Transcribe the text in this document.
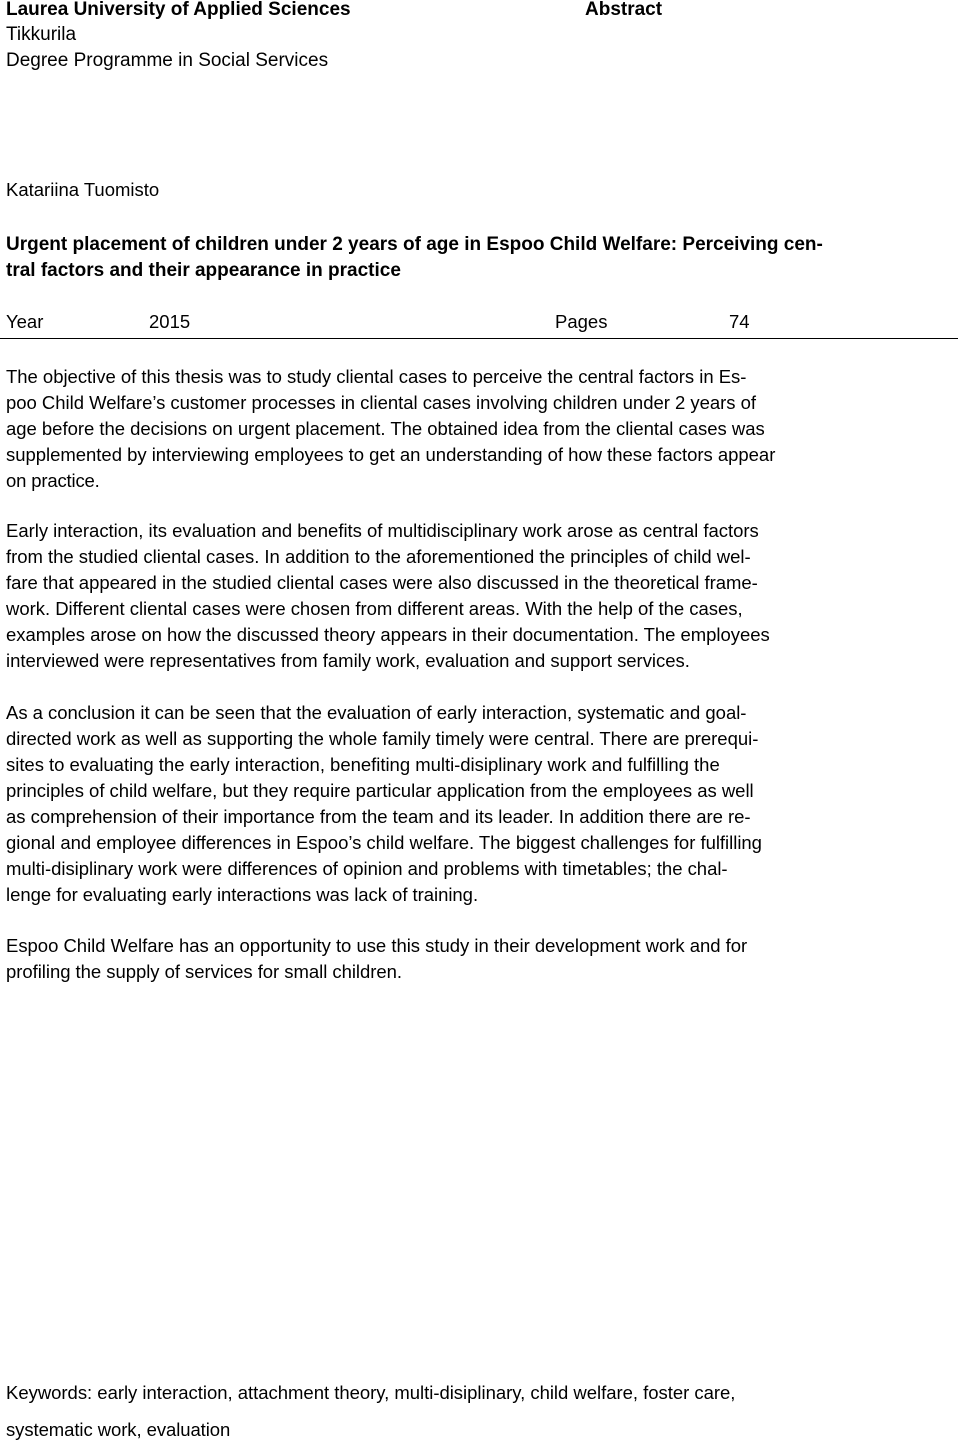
Laurea University of Applied Sciences
Tikkurila
Degree Programme in Social Services
Abstract
Katariina Tuomisto
Urgent placement of children under 2 years of age in Espoo Child Welfare: Perceiving cen-
tral factors and their appearance in practice
Year	2015	Pages	74
The objective of this thesis was to study cliental cases to perceive the central factors in Es-
poo Child Welfare’s customer processes in cliental cases involving children under 2 years of
age before the decisions on urgent placement. The obtained idea from the cliental cases was
supplemented by interviewing employees to get an understanding of how these factors appear
on practice.
Early interaction, its evaluation and benefits of multidisciplinary work arose as central factors
from the studied cliental cases. In addition to the aforementioned the principles of child wel-
fare that appeared in the studied cliental cases were also discussed in the theoretical frame-
work. Different cliental cases were chosen from different areas. With the help of the cases,
examples arose on how the discussed theory appears in their documentation. The employees
interviewed were representatives from family work, evaluation and support services.
As a conclusion it can be seen that the evaluation of early interaction, systematic and goal-
directed work as well as supporting the whole family timely were central. There are prerequi-
sites to evaluating the early interaction, benefiting multi-disiplinary work and fulfilling the
principles of child welfare, but they require particular application from the employees as well
as comprehension of their importance from the team and its leader. In addition there are re-
gional and employee differences in Espoo’s child welfare. The biggest challenges for fulfilling
multi-disiplinary work were differences of opinion and problems with timetables; the chal-
lenge for evaluating early interactions was lack of training.
Espoo Child Welfare has an opportunity to use this study in their development work and for
profiling the supply of services for small children.
Keywords: early interaction, attachment theory, multi-disiplinary, child welfare, foster care,
systematic work, evaluation
